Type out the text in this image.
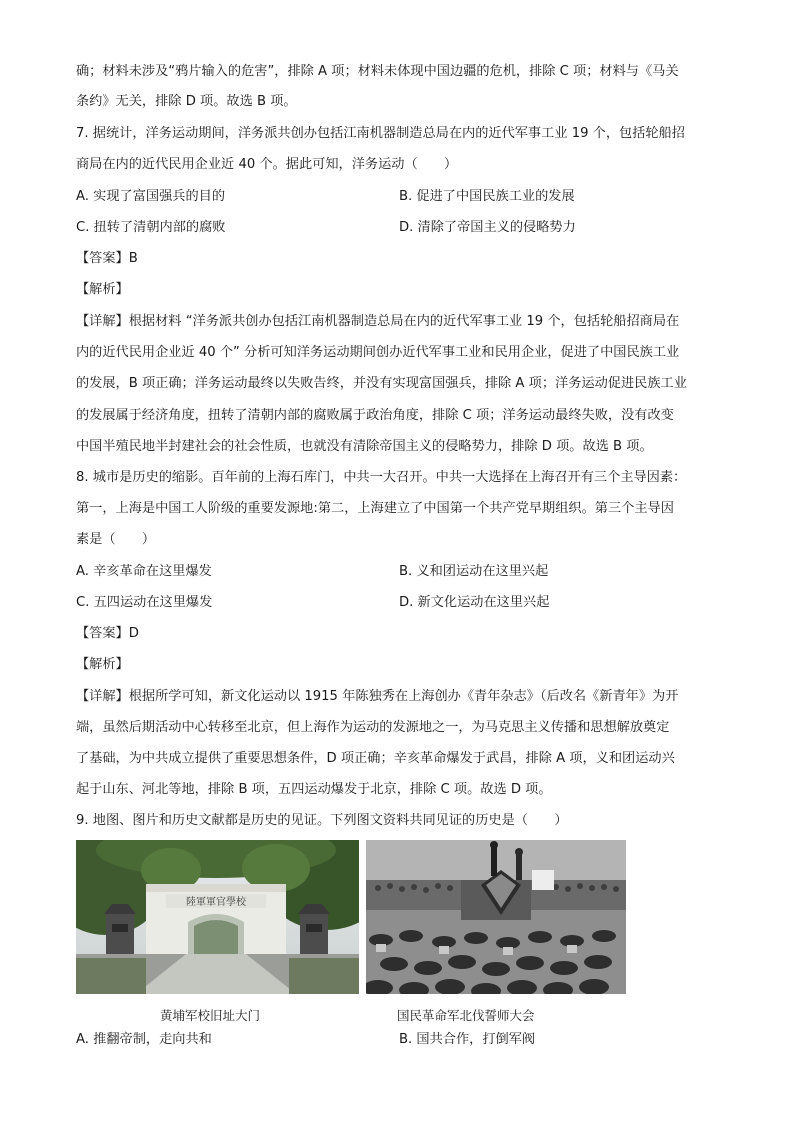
确；材料未涉及“鸦片输入的危害”，排除 A 项；材料未体现中国边疆的危机，排除 C 项；材料与《马关
条约》无关，排除 D 项。故选 B 项。
7. 据统计，洋务运动期间，洋务派共创办包括江南机器制造总局在内的近代军事工业 19 个，包括轮船招
商局在内的近代民用企业近 40 个。据此可知，洋务运动（　　）
A. 实现了富国强兵的目的	B. 促进了中国民族工业的发展
C. 扭转了清朝内部的腐败	D. 清除了帝国主义的侵略势力
【答案】B
【解析】
【详解】根据材料 “洋务派共创办包括江南机器制造总局在内的近代军事工业 19 个，包括轮船招商局在
内的近代民用企业近 40 个” 分析可知洋务运动期间创办近代军事工业和民用企业，促进了中国民族工业
的发展，B 项正确；洋务运动最终以失败告终，并没有实现富国强兵，排除 A 项；洋务运动促进民族工业
的发展属于经济角度，扭转了清朝内部的腐败属于政治角度，排除 C 项；洋务运动最终失败，没有改变
中国半殖民地半封建社会的社会性质，也就没有清除帝国主义的侵略势力，排除 D 项。故选 B 项。
8. 城市是历史的缩影。百年前的上海石库门，中共一大召开。中共一大选择在上海召开有三个主导因素：
第一，上海是中国工人阶级的重要发源地:第二，上海建立了中国第一个共产党早期组织。第三个主导因
素是（　　）
A. 辛亥革命在这里爆发	B. 义和团运动在这里兴起
C. 五四运动在这里爆发	D. 新文化运动在这里兴起
【答案】D
【解析】
【详解】根据所学可知，新文化运动以 1915 年陈独秀在上海创办《青年杂志》（后改名《新青年》为开
端，虽然后期活动中心转移至北京，但上海作为运动的发源地之一，为马克思主义传播和思想解放奠定
了基础，为中共成立提供了重要思想条件，D 项正确；辛亥革命爆发于武昌，排除 A 项，义和团运动兴
起于山东、河北等地，排除 B 项，五四运动爆发于北京，排除 C 项。故选 D 项。
9. 地图、图片和历史文献都是历史的见证。下列图文资料共同见证的历史是（　　）
陸軍軍官學校
黄埔军校旧址大门	国民革命军北伐誓师大会
A. 推翻帝制，走向共和	B. 国共合作，打倒军阀
